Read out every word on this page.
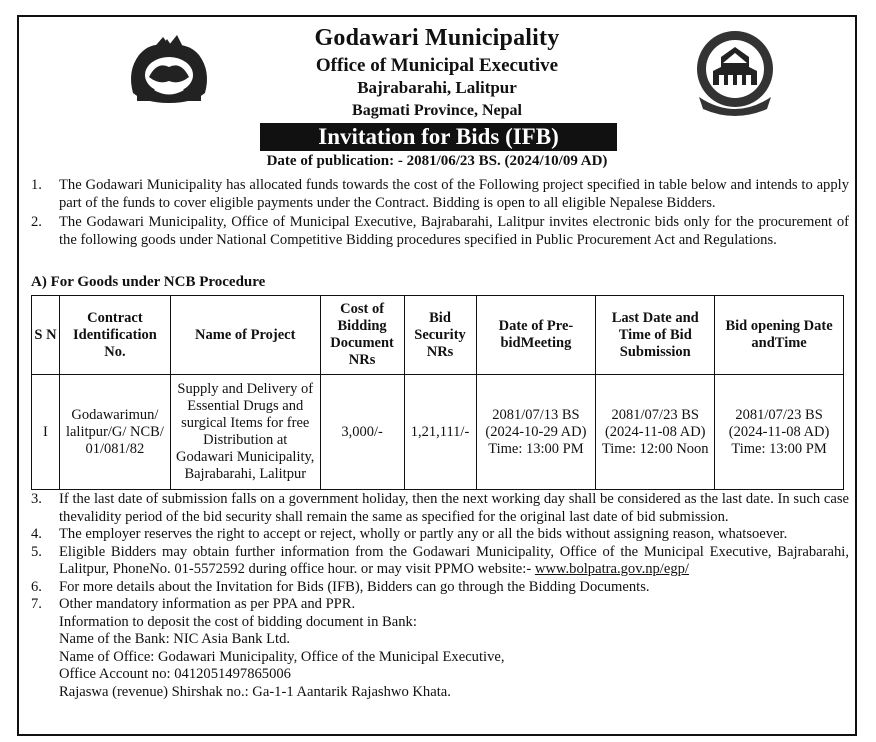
Godawari Municipality
Office of Municipal Executive
Bajrabarahi, Lalitpur
Bagmati Province, Nepal
Invitation for Bids (IFB)
Date of publication: - 2081/06/23 BS. (2024/10/09 AD)
1. The Godawari Municipality has allocated funds towards the cost of the Following project specified in table below and intends to apply part of the funds to cover eligible payments under the Contract. Bidding is open to all eligible Nepalese Bidders.
2. The Godawari Municipality, Office of Municipal Executive, Bajrabarahi, Lalitpur invites electronic bids only for the procurement of the following goods under National Competitive Bidding procedures specified in Public Procurement Act and Regulations.
A) For Goods under NCB Procedure
S N	Contract Identification No.	Name of Project	Cost of Bidding Document NRs	Bid Security NRs	Date of Pre-bidMeeting	Last Date and Time of Bid Submission	Bid opening Date andTime
I	Godawarimun/ lalitpur/G/ NCB/ 01/081/82	Supply and Delivery of Essential Drugs and surgical Items for free Distribution at Godawari Municipality, Bajrabarahi, Lalitpur	3,000/-	1,21,111/-	2081/07/13 BS (2024-10-29 AD) Time: 13:00 PM	2081/07/23 BS (2024-11-08 AD) Time: 12:00 Noon	2081/07/23 BS (2024-11-08 AD) Time: 13:00 PM
3. If the last date of submission falls on a government holiday, then the next working day shall be considered as the last date. In such case thevalidity period of the bid security shall remain the same as specified for the original last date of bid submission.
4. The employer reserves the right to accept or reject, wholly or partly any or all the bids without assigning reason, whatsoever.
5. Eligible Bidders may obtain further information from the Godawari Municipality, Office of the Municipal Executive, Bajrabarahi, Lalitpur, PhoneNo. 01-5572592 during office hour. or may visit PPMO website:- www.bolpatra.gov.np/egp/
6. For more details about the Invitation for Bids (IFB), Bidders can go through the Bidding Documents.
7. Other mandatory information as per PPA and PPR.
Information to deposit the cost of bidding document in Bank:
Name of the Bank: NIC Asia Bank Ltd.
Name of Office: Godawari Municipality, Office of the Municipal Executive,
Office Account no: 0412051497865006
Rajaswa (revenue) Shirshak no.: Ga-1-1 Aantarik Rajashwo Khata.
